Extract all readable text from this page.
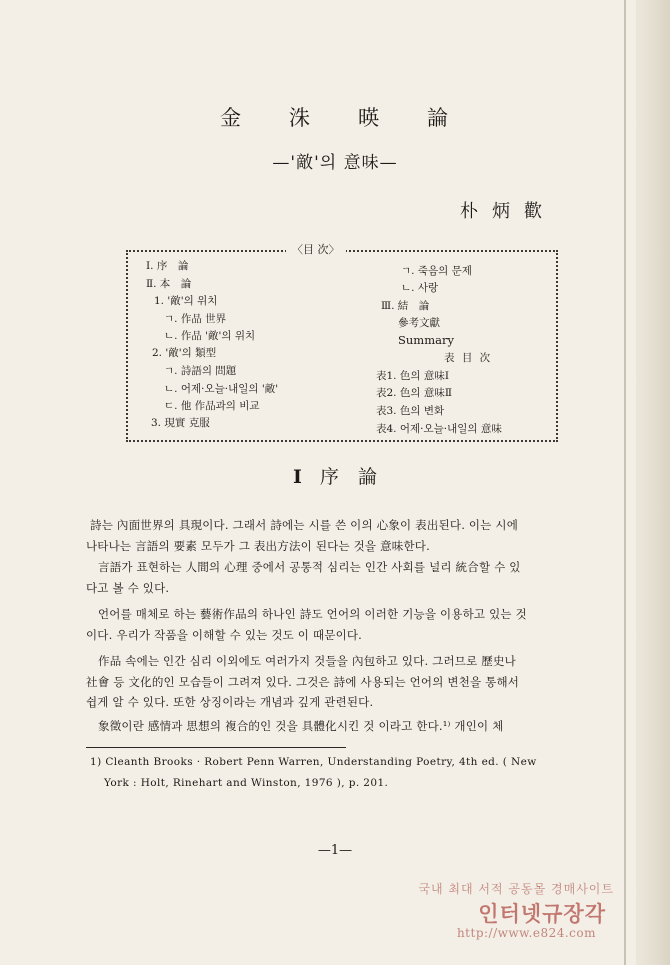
金 洙 暎 論
—'敵'의 意味—
朴炳歡
〈目 次〉
Ⅰ. 序　論
Ⅱ. 本　論
1. '敵'의 위치
ㄱ. 作品 世界
ㄴ. 作品 '敵'의 위치
2. '敵'의 類型
ㄱ. 詩語의 問題
ㄴ. 어제·오늘·내일의 '敵'
ㄷ. 他 作品과의 비교
3. 現實 克服
ㄱ. 죽음의 문제
ㄴ. 사랑
Ⅲ. 結　論
參考文獻
Summary
表 目 次
表1. 色의 意味Ⅰ
表2. 色의 意味Ⅱ
表3. 色의 변화
表4. 어제·오늘·내일의 意味
Ⅰ 序　論
詩는 內面世界의 具現이다. 그래서 詩에는 시를 쓴 이의 心象이 表出된다. 이는 시에
나타나는 言語의 要素 모두가 그 表出方法이 된다는 것을 意味한다.
言語가 표현하는 人間의 心理 중에서 공통적 심리는 인간 사회를 널리 統合할 수 있
다고 볼 수 있다.
언어를 매체로 하는 藝術作品의 하나인 詩도 언어의 이러한 기능을 이용하고 있는 것
이다. 우리가 작품을 이해할 수 있는 것도 이 때문이다.
作品 속에는 인간 심리 이외에도 여러가지 것들을 內包하고 있다. 그러므로 歷史나
社會 등 文化的인 모습들이 그려져 있다. 그것은 詩에 사용되는 언어의 변천을 통해서
쉽게 알 수 있다. 또한 상징이라는 개념과 깊게 관련된다.
象徵이란 感情과 思想의 複合的인 것을 具體化시킨 것 이라고 한다.¹⁾ 개인이 체
1) Cleanth Brooks · Robert Penn Warren, Understanding Poetry, 4th ed. ( New
York : Holt, Rinehart and Winston, 1976 ), p. 201.
—1—
국내 최대 서적 공동몰 경매사이트
인터넷규장각
http://www.e824.com
